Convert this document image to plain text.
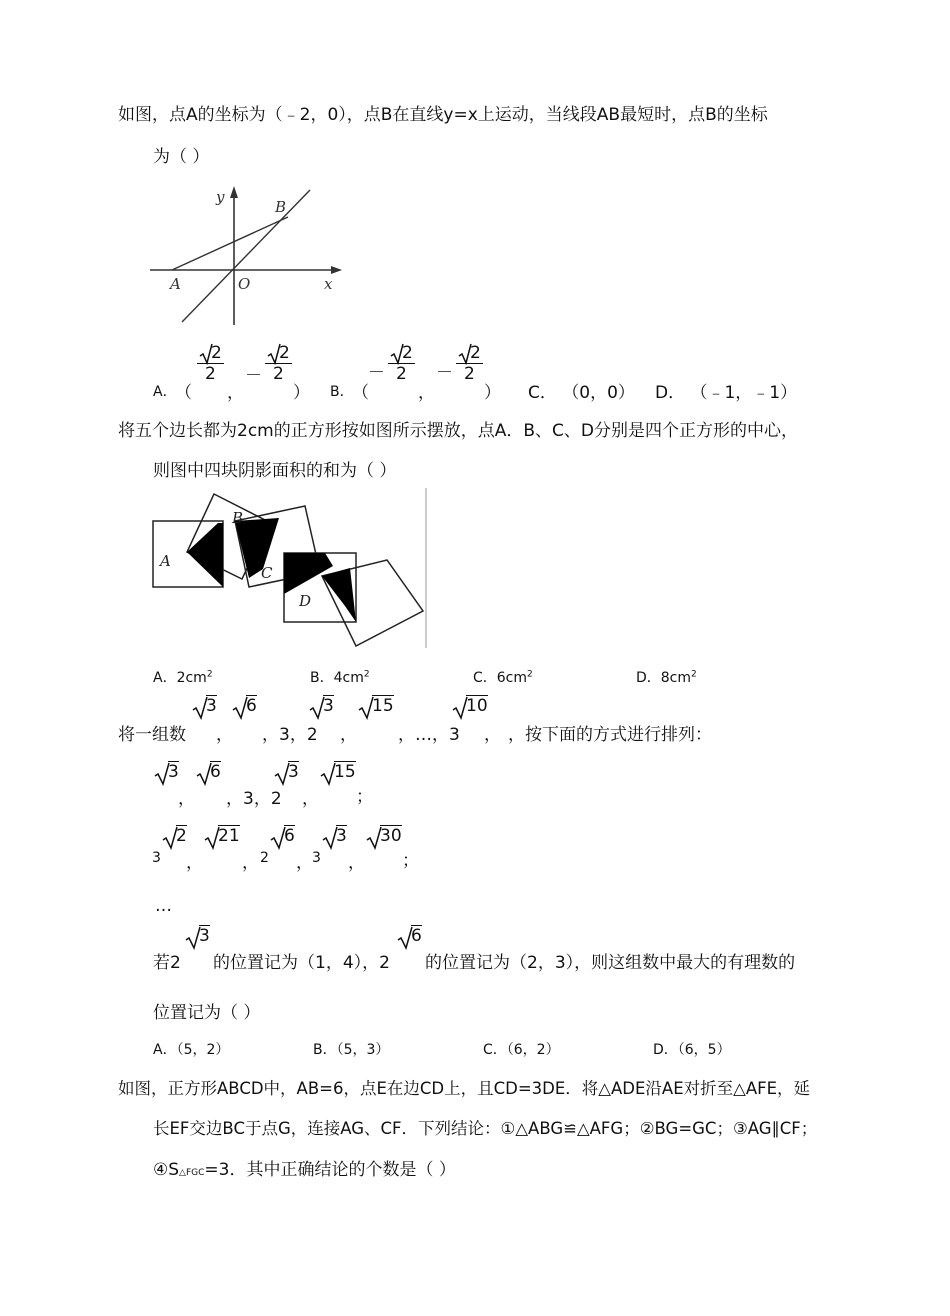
如图，点A的坐标为（﹣2，0），点B在直线y=x上运动，当线段AB最短时，点B的坐标
为（ ）
y
B
A	O	x
A．
（
$\frac{2}{2}$
，
－ $\frac{2}{2}$
） B．
（
－ $\frac{2}{2}$
，
－ $\frac{2}{2}$
） C． （0，0） D． （﹣1，﹣1）
将五个边长都为2cm的正方形按如图所示摆放，点A．B、C、D分别是四个正方形的中心，
则图中四块阴影面积的和为（ ）
A
B
C
D
A．$2cm^2$	B．$4cm^2$	C．$6cm^2$	D．$8cm^2$
将一组数
3
，
6
，3，2
3
，
15
，…，3
10
， ，按下面的方式进行排列：
3
，
6
，3，2
3
，
15
；
3
2
，
21
， 2
6
， 3
3
，
30
；
…
若2
3
的位置记为（1，4），2
6
的位置记为（2，3），则这组数中最大的有理数的
位置记为（ ）
A．（5，2）	B．（5，3）	C．（6，2）	D．（6，5）
如图，正方形ABCD中，AB=6，点E在边CD上，且CD=3DE．将△ADE沿AE对折至△AFE，延
长EF交边BC于点G，连接AG、CF．下列结论：①△ABG≌△AFG；②BG=GC；③AG∥CF；
④S△FGC=3．其中正确结论的个数是（ ）
